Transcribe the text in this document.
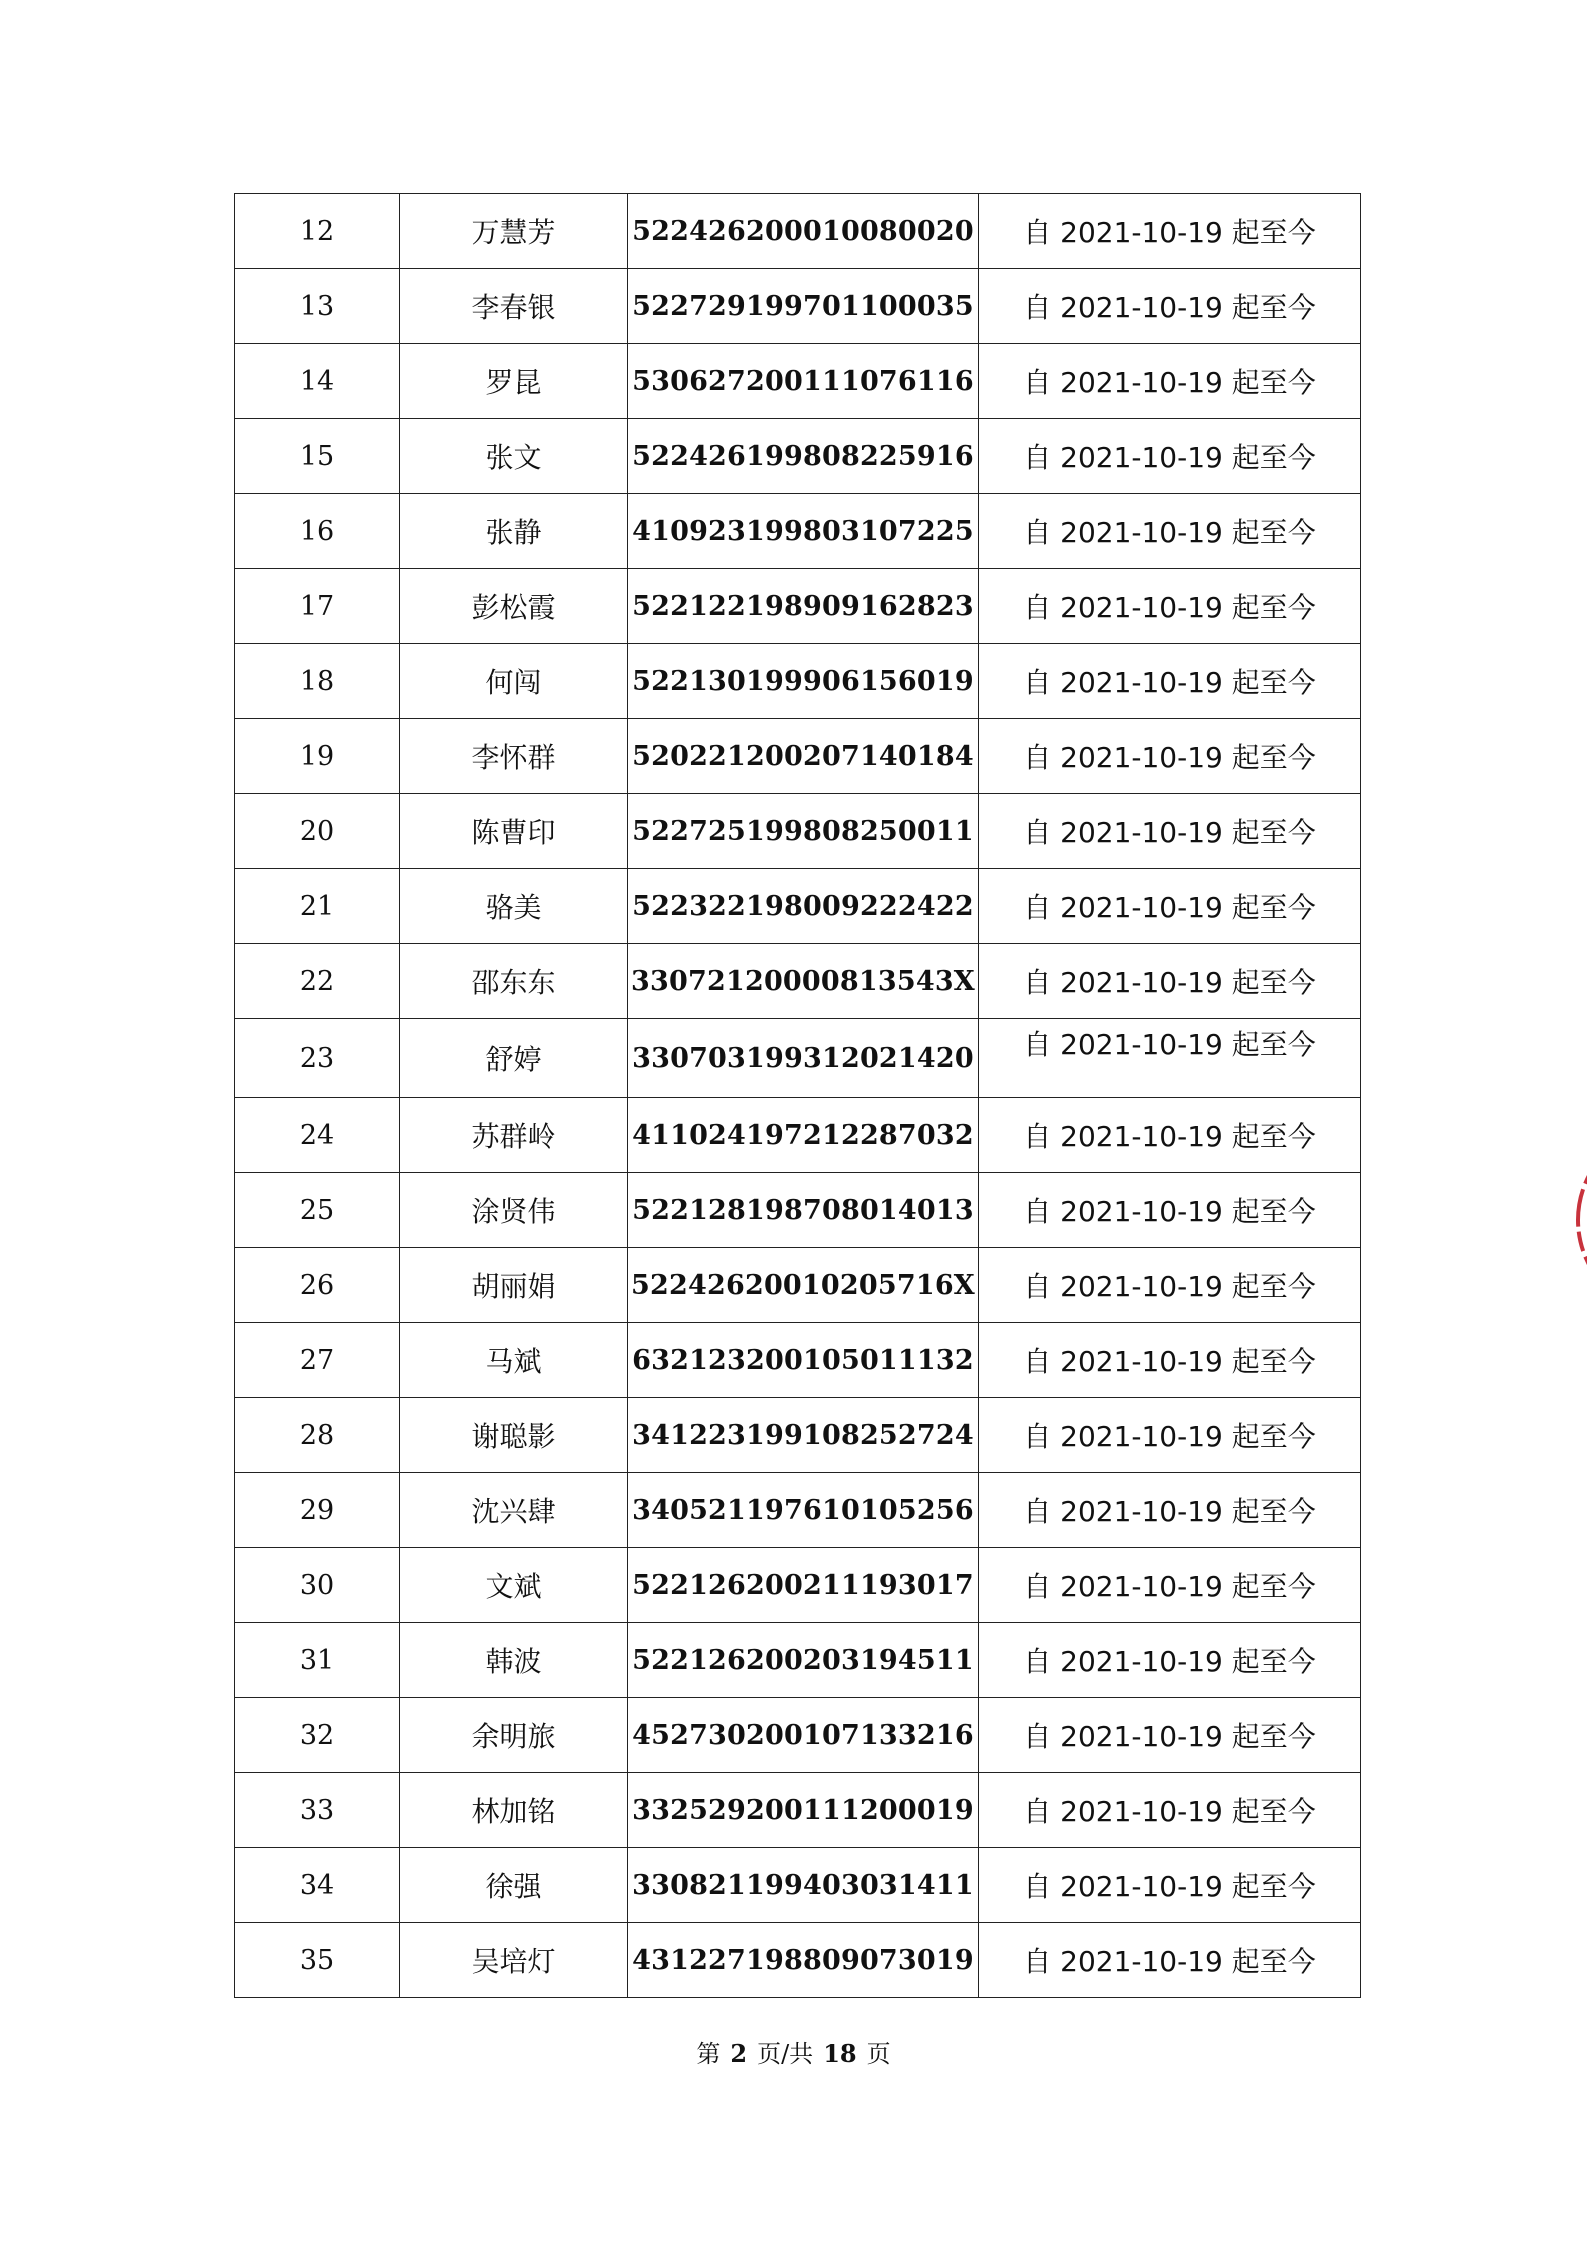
12	万慧芳	522426200010080020	自 2021-10-19 起至今
13	李春银	522729199701100035	自 2021-10-19 起至今
14	罗昆	530627200111076116	自 2021-10-19 起至今
15	张文	522426199808225916	自 2021-10-19 起至今
16	张静	410923199803107225	自 2021-10-19 起至今
17	彭松霞	522122198909162823	自 2021-10-19 起至今
18	何闯	522130199906156019	自 2021-10-19 起至今
19	李怀群	520221200207140184	自 2021-10-19 起至今
20	陈曹印	522725199808250011	自 2021-10-19 起至今
21	骆美	522322198009222422	自 2021-10-19 起至今
22	邵东东	33072120000813543X	自 2021-10-19 起至今
23	舒婷	330703199312021420	自 2021-10-19 起至今
24	苏群岭	411024197212287032	自 2021-10-19 起至今
25	涂贤伟	522128198708014013	自 2021-10-19 起至今
26	胡丽娟	52242620010205716X	自 2021-10-19 起至今
27	马斌	632123200105011132	自 2021-10-19 起至今
28	谢聪影	341223199108252724	自 2021-10-19 起至今
29	沈兴肆	340521197610105256	自 2021-10-19 起至今
30	文斌	522126200211193017	自 2021-10-19 起至今
31	韩波	522126200203194511	自 2021-10-19 起至今
32	余明旅	452730200107133216	自 2021-10-19 起至今
33	林加铭	332529200111200019	自 2021-10-19 起至今
34	徐强	330821199403031411	自 2021-10-19 起至今
35	吴培灯	431227198809073019	自 2021-10-19 起至今
第 2 页/共 18 页
